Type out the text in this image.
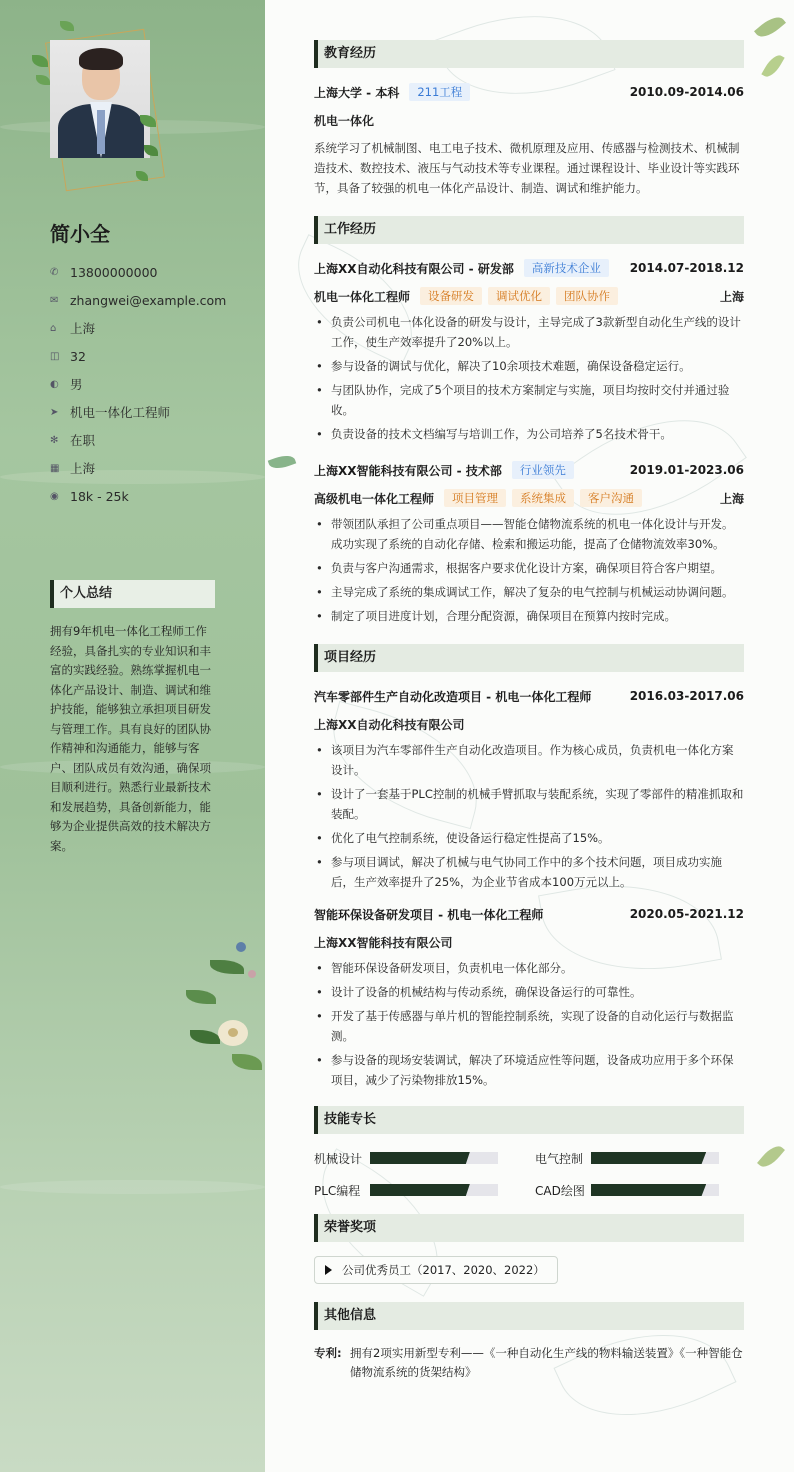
简小全
✆ 13800000000
✉ zhangwei@example.com
⌂	上海
◫ 32
◐ 男
➤ 机电一体化工程师
✻ 在职
▦ 上海
◉ 18k - 25k
个人总结
拥有9年机电一体化工程师工作经验，具备扎实的专业知识和丰富的实践经验。熟练掌握机电一体化产品设计、制造、调试和维护技能，能够独立承担项目研发与管理工作。具有良好的团队协作精神和沟通能力，能够与客户、团队成员有效沟通，确保项目顺利进行。熟悉行业最新技术和发展趋势，具备创新能力，能够为企业提供高效的技术解决方案。
教育经历
上海大学 - 本科	211工程	2010.09-2014.06
机电一体化
系统学习了机械制图、电工电子技术、微机原理及应用、传感器与检测技术、机械制造技术、数控技术、液压与气动技术等专业课程。通过课程设计、毕业设计等实践环节，具备了较强的机电一体化产品设计、制造、调试和维护能力。
工作经历
上海XX自动化科技有限公司 - 研发部	高新技术企业	2014.07-2018.12
机电一体化工程师	设备研发	调试优化	团队协作	上海
• 负责公司机电一体化设备的研发与设计，主导完成了3款新型自动化生产线的设计工作，使生产效率提升了20%以上。
• 参与设备的调试与优化，解决了10余项技术难题，确保设备稳定运行。
• 与团队协作，完成了5个项目的技术方案制定与实施，项目均按时交付并通过验收。
• 负责设备的技术文档编写与培训工作，为公司培养了5名技术骨干。
上海XX智能科技有限公司 - 技术部	行业领先	2019.01-2023.06
高级机电一体化工程师	项目管理	系统集成	客户沟通	上海
• 带领团队承担了公司重点项目——智能仓储物流系统的机电一体化设计与开发。成功实现了系统的自动化存储、检索和搬运功能，提高了仓储物流效率30%。
• 负责与客户沟通需求，根据客户要求优化设计方案，确保项目符合客户期望。
• 主导完成了系统的集成调试工作，解决了复杂的电气控制与机械运动协调问题。
• 制定了项目进度计划，合理分配资源，确保项目在预算内按时完成。
项目经历
汽车零部件生产自动化改造项目 - 机电一体化工程师	2016.03-2017.06
上海XX自动化科技有限公司
• 该项目为汽车零部件生产自动化改造项目。作为核心成员，负责机电一体化方案设计。
• 设计了一套基于PLC控制的机械手臂抓取与装配系统，实现了零部件的精准抓取和装配。
• 优化了电气控制系统，使设备运行稳定性提高了15%。
• 参与项目调试，解决了机械与电气协同工作中的多个技术问题，项目成功实施后，生产效率提升了25%，为企业节省成本100万元以上。
智能环保设备研发项目 - 机电一体化工程师	2020.05-2021.12
上海XX智能科技有限公司
• 智能环保设备研发项目，负责机电一体化部分。
• 设计了设备的机械结构与传动系统，确保设备运行的可靠性。
• 开发了基于传感器与单片机的智能控制系统，实现了设备的自动化运行与数据监测。
• 参与设备的现场安装调试，解决了环境适应性等问题，设备成功应用于多个环保项目，减少了污染物排放15%。
技能专长
机械设计	电气控制
PLC编程	CAD绘图
荣誉奖项
公司优秀员工（2017、2020、2022）
其他信息
专利: 拥有2项实用新型专利——《一种自动化生产线的物料输送装置》《一种智能仓储物流系统的货架结构》
